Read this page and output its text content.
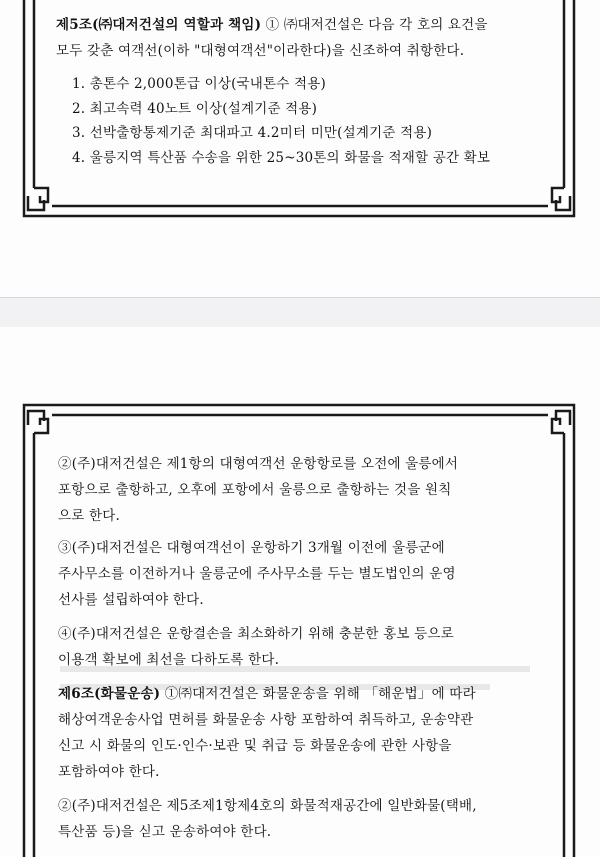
제5조(㈜대저건설의 역할과 책임) ① ㈜대저건설은 다음 각 호의 요건을
모두 갖춘 여객선(이하 "대형여객선"이라한다)을 신조하여 취항한다.
1. 총톤수 2,000톤급 이상(국내톤수 적용)
2. 최고속력 40노트 이상(설계기준 적용)
3. 선박출항통제기준 최대파고 4.2미터 미만(설계기준 적용)
4. 울릉지역 특산품 수송을 위한 25~30톤의 화물을 적재할 공간 확보
②(주)대저건설은 제1항의 대형여객선 운항항로를 오전에 울릉에서
포항으로 출항하고, 오후에 포항에서 울릉으로 출항하는 것을 원칙
으로 한다.
③(주)대저건설은 대형여객선이 운항하기 3개월 이전에 울릉군에
주사무소를 이전하거나 울릉군에 주사무소를 두는 별도법인의 운영
선사를 설립하여야 한다.
④(주)대저건설은 운항결손을 최소화하기 위해 충분한 홍보 등으로
이용객 확보에 최선을 다하도록 한다.
제6조(화물운송) ①㈜대저건설은 화물운송을 위해 「해운법」에 따라
해상여객운송사업 면허를 화물운송 사항 포함하여 취득하고, 운송약관
신고 시 화물의 인도·인수·보관 및 취급 등 화물운송에 관한 사항을
포함하여야 한다.
②(주)대저건설은 제5조제1항제4호의 화물적재공간에 일반화물(택배,
특산품 등)을 싣고 운송하여야 한다.
